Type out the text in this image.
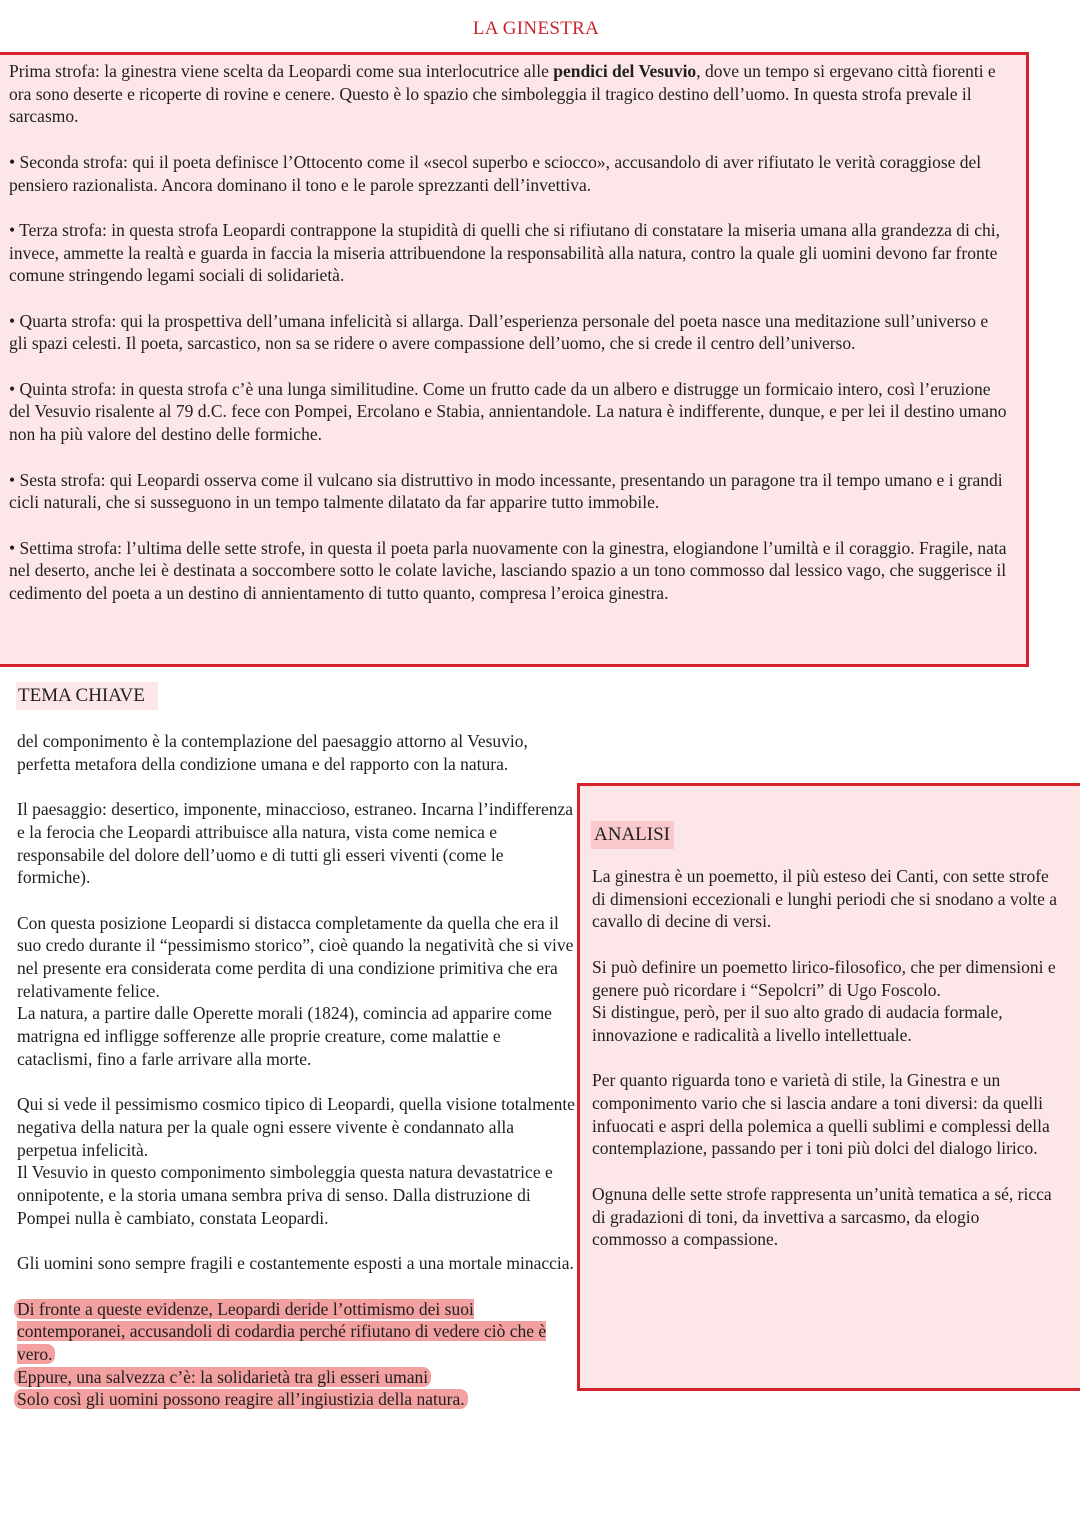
LA GINESTRA

Prima strofa: la ginestra viene scelta da Leopardi come sua interlocutrice alle pendici del Vesuvio, dove un tempo si ergevano città fiorenti e ora sono deserte e ricoperte di rovine e cenere. Questo è lo spazio che simboleggia il tragico destino dell’uomo. In questa strofa prevale il sarcasmo.

• Seconda strofa: qui il poeta definisce l’Ottocento come il «secol superbo e sciocco», accusandolo di aver rifiutato le verità coraggiose del pensiero razionalista. Ancora dominano il tono e le parole sprezzanti dell’invettiva.

• Terza strofa: in questa strofa Leopardi contrappone la stupidità di quelli che si rifiutano di constatare la miseria umana alla grandezza di chi, invece, ammette la realtà e guarda in faccia la miseria attribuendone la responsabilità alla natura, contro la quale gli uomini devono far fronte comune stringendo legami sociali di solidarietà.

• Quarta strofa: qui la prospettiva dell’umana infelicità si allarga. Dall’esperienza personale del poeta nasce una meditazione sull’universo e gli spazi celesti. Il poeta, sarcastico, non sa se ridere o avere compassione dell’uomo, che si crede il centro dell’universo.

• Quinta strofa: in questa strofa c’è una lunga similitudine. Come un frutto cade da un albero e distrugge un formicaio intero, così l’eruzione del Vesuvio risalente al 79 d.C. fece con Pompei, Ercolano e Stabia, annientandole. La natura è indifferente, dunque, e per lei il destino umano non ha più valore del destino delle formiche.

• Sesta strofa: qui Leopardi osserva come il vulcano sia distruttivo in modo incessante, presentando un paragone tra il tempo umano e i grandi cicli naturali, che si susseguono in un tempo talmente dilatato da far apparire tutto immobile.

• Settima strofa: l’ultima delle sette strofe, in questa il poeta parla nuovamente con la ginestra, elogiandone l’umiltà e il coraggio. Fragile, nata nel deserto, anche lei è destinata a soccombere sotto le colate laviche, lasciando spazio a un tono commosso dal lessico vago, che suggerisce il cedimento del poeta a un destino di annientamento di tutto quanto, compresa l’eroica ginestra.

TEMA CHIAVE

del componimento è la contemplazione del paesaggio attorno al Vesuvio, perfetta metafora della condizione umana e del rapporto con la natura.

Il paesaggio: desertico, imponente, minaccioso, estraneo. Incarna l’indifferenza e la ferocia che Leopardi attribuisce alla natura, vista come nemica e responsabile del dolore dell’uomo e di tutti gli esseri viventi (come le formiche).

Con questa posizione Leopardi si distacca completamente da quella che era il suo credo durante il “pessimismo storico”, cioè quando la negatività che si vive nel presente era considerata come perdita di una condizione primitiva che era relativamente felice.

La natura, a partire dalle Operette morali (1824), comincia ad apparire come matrigna ed infligge sofferenze alle proprie creature, come malattie e cataclismi, fino a farle arrivare alla morte.

Qui si vede il pessimismo cosmico tipico di Leopardi, quella visione totalmente negativa della natura per la quale ogni essere vivente è condannato alla perpetua infelicità.

Il Vesuvio in questo componimento simboleggia questa natura devastatrice e onnipotente, e la storia umana sembra priva di senso. Dalla distruzione di Pompei nulla è cambiato, constata Leopardi.

Gli uomini sono sempre fragili e costantemente esposti a una mortale minaccia.

Di fronte a queste evidenze, Leopardi deride l’ottimismo dei suoi contemporanei, accusandoli di codardia perché rifiutano di vedere ciò che è vero.

Eppure, una salvezza c’è: la solidarietà tra gli esseri umani

Solo così gli uomini possono reagire all’ingiustizia della natura.

ANALISI

La ginestra è un poemetto, il più esteso dei Canti, con sette strofe di dimensioni eccezionali e lunghi periodi che si snodano a volte a cavallo di decine di versi.

Si può definire un poemetto lirico-filosofico, che per dimensioni e genere può ricordare i “Sepolcri” di Ugo Foscolo.

Si distingue, però, per il suo alto grado di audacia formale, innovazione e radicalità a livello intellettuale.

Per quanto riguarda tono e varietà di stile, la Ginestra e un componimento vario che si lascia andare a toni diversi: da quelli

infuocati e aspri della polemica a quelli sublimi e complessi della contemplazione, passando per i toni più dolci del dialogo lirico.

Ognuna delle sette strofe rappresenta un’unità tematica a sé, ricca di gradazioni di toni, da invettiva a sarcasmo, da elogio

commosso a compassione.
